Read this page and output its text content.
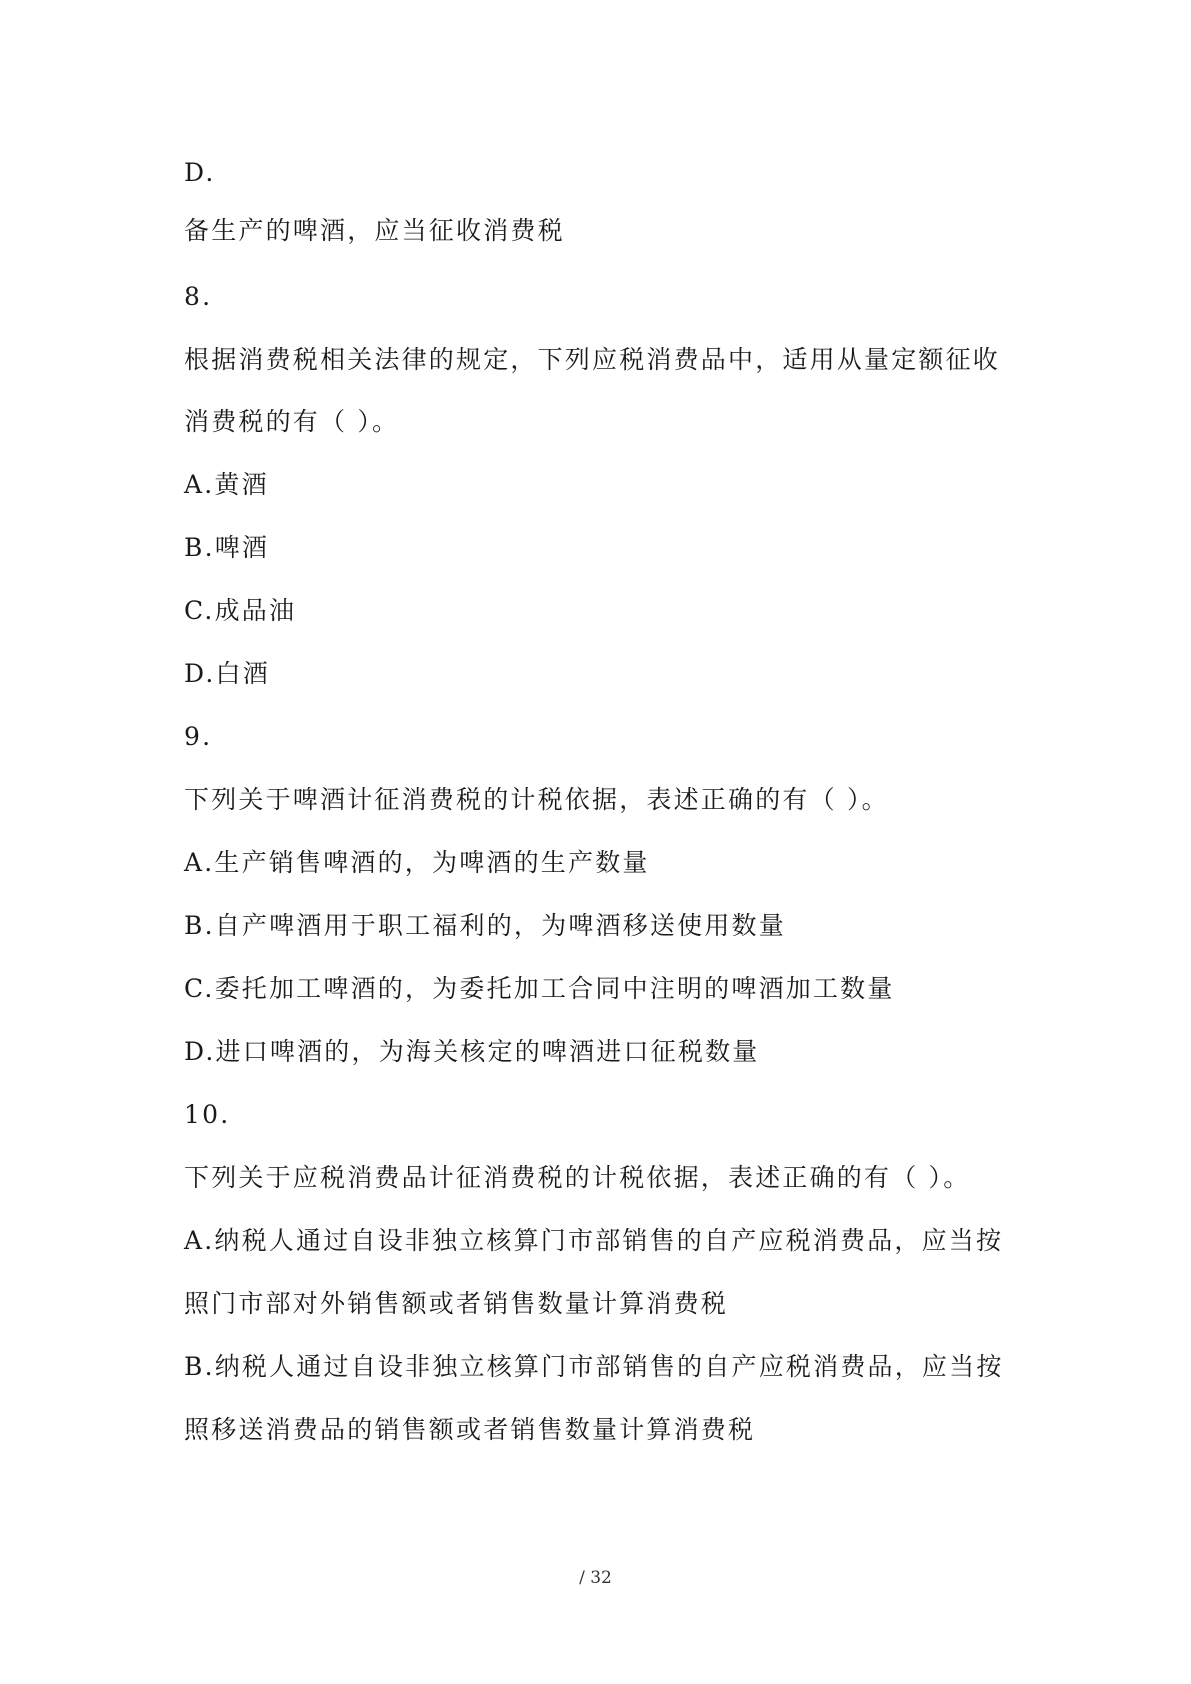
D.
备生产的啤酒，应当征收消费税
8.
根据消费税相关法律的规定，下列应税消费品中，适用从量定额征收
消费税的有（ ）。
A.黄酒
B.啤酒
C.成品油
D.白酒
9.
下列关于啤酒计征消费税的计税依据，表述正确的有（ ）。
A.生产销售啤酒的，为啤酒的生产数量
B.自产啤酒用于职工福利的，为啤酒移送使用数量
C.委托加工啤酒的，为委托加工合同中注明的啤酒加工数量
D.进口啤酒的，为海关核定的啤酒进口征税数量
10.
下列关于应税消费品计征消费税的计税依据，表述正确的有（ ）。
A.纳税人通过自设非独立核算门市部销售的自产应税消费品，应当按
照门市部对外销售额或者销售数量计算消费税
B.纳税人通过自设非独立核算门市部销售的自产应税消费品，应当按
照移送消费品的销售额或者销售数量计算消费税
/ 32
